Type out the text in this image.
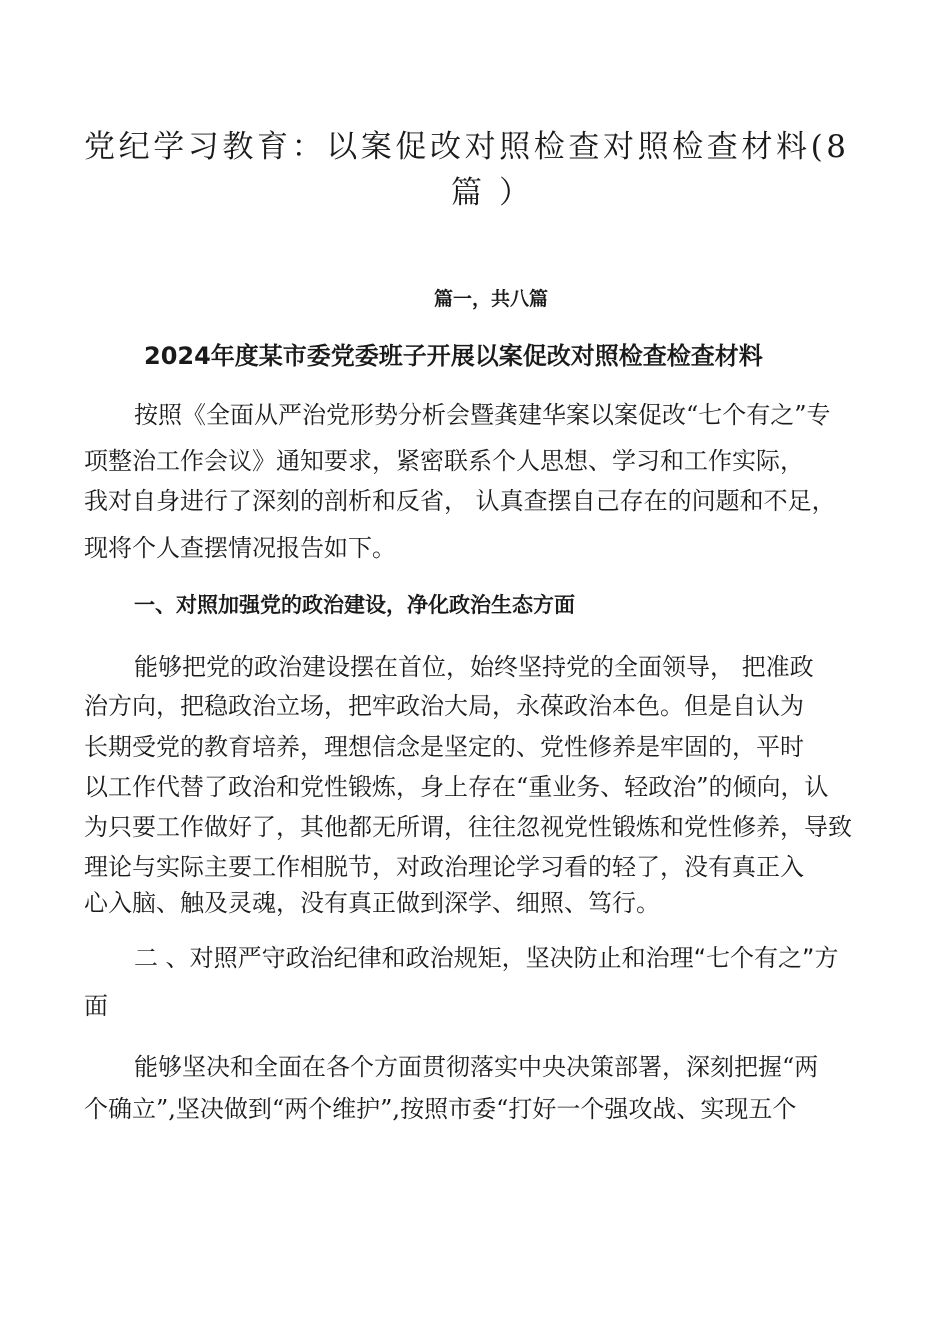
党纪学习教育：以案促改对照检查对照检查材料(8
篇 ）
篇一，共八篇
2024年度某市委党委班子开展以案促改对照检查检查材料
按照《全面从严治党形势分析会暨龚建华案以案促改“七个有之”专
项整治工作会议》通知要求，紧密联系个人思想、学习和工作实际，
我对自身进行了深刻的剖析和反省， 认真查摆自己存在的问题和不足，
现将个人查摆情况报告如下。
一、对照加强党的政治建设，净化政治生态方面
能够把党的政治建设摆在首位，始终坚持党的全面领导， 把准政
治方向，把稳政治立场，把牢政治大局，永葆政治本色。但是自认为
长期受党的教育培养，理想信念是坚定的、党性修养是牢固的，平时
以工作代替了政治和党性锻炼，身上存在“重业务、轻政治”的倾向，认
为只要工作做好了，其他都无所谓，往往忽视党性锻炼和党性修养，导致
理论与实际主要工作相脱节，对政治理论学习看的轻了，没有真正入
心入脑、触及灵魂，没有真正做到深学、细照、笃行。
二 、对照严守政治纪律和政治规矩，坚决防止和治理“七个有之”方
面
能够坚决和全面在各个方面贯彻落实中央决策部署，深刻把握“两
个确立”,坚决做到“两个维护”,按照市委“打好一个强攻战、实现五个
